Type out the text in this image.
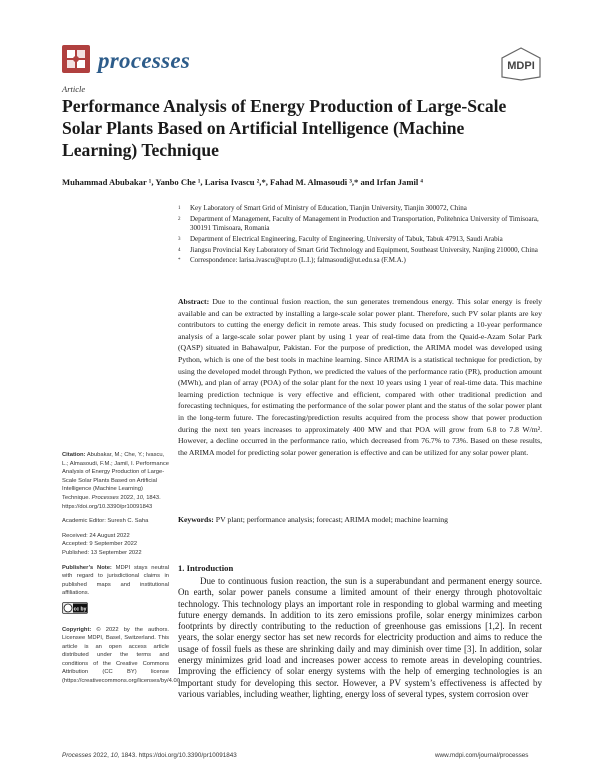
processes	MDPI
Article
Performance Analysis of Energy Production of Large-Scale Solar Plants Based on Artificial Intelligence (Machine Learning) Technique
Muhammad Abubakar ¹, Yanbo Che ¹, Larisa Ivascu ²,*, Fahad M. Almasoudi ³,* and Irfan Jamil ⁴
1 Key Laboratory of Smart Grid of Ministry of Education, Tianjin University, Tianjin 300072, China
2 Department of Management, Faculty of Management in Production and Transportation, Politehnica University of Timisoara, 300191 Timisoara, Romania
3 Department of Electrical Engineering, Faculty of Engineering, University of Tabuk, Tabuk 47913, Saudi Arabia
4 Jiangsu Provincial Key Laboratory of Smart Grid Technology and Equipment, Southeast University, Nanjing 210000, China
* Correspondence: larisa.ivascu@upt.ro (L.I.); falmasoudi@ut.edu.sa (F.M.A.)
Abstract: Due to the continual fusion reaction, the sun generates tremendous energy. This solar energy is freely available and can be extracted by installing a large-scale solar power plant. Therefore, such PV solar plants are key contributors to cutting the energy deficit in remote areas. This study focused on predicting a 10-year performance analysis of a large-scale solar power plant by using 1 year of real-time data from the Quaid-e-Azam Solar Park (QASP) situated in Bahawalpur, Pakistan. For the purpose of prediction, the ARIMA model was developed using Python, which is one of the best tools in machine learning. Since ARIMA is a statistical technique for prediction, by using the developed model through Python, we predicted the values of the performance ratio (PR), production amount (MWh), and plan of array (POA) of the solar plant for the next 10 years using 1 year of real-time data. This machine learning prediction technique is very effective and efficient, compared with other traditional prediction and forecasting techniques, for estimating the performance of the solar power plant and the status of the solar power plant in the long-term future. The forecasting/prediction results acquired from the process show that power production during the next ten years increases to approximately 400 MW and that POA will grow from 6.8 to 7.8 W/m². However, a decline occurred in the performance ratio, which decreased from 76.7% to 73%. Based on these results, the ARIMA model for predicting solar power generation is effective and can be utilized for any solar power plant.
Keywords: PV plant; performance analysis; forecast; ARIMA model; machine learning

Citation: Abubakar, M.; Che, Y.; Ivascu, L.; Almasoudi, F.M.; Jamil, I. Performance Analysis of Energy Production of Large-Scale Solar Plants Based on Artificial Intelligence (Machine Learning) Technique. Processes 2022, 10, 1843. https://doi.org/10.3390/pr10091843

Academic Editor: Suresh C. Saha

Received: 24 August 2022

Accepted: 9 September 2022

Published: 13 September 2022

Publisher’s Note: MDPI stays neutral with regard to jurisdictional claims in published maps and institutional affiliations.

cc by

Copyright: © 2022 by the authors. Licensee MDPI, Basel, Switzerland. This article is an open access article distributed under the terms and conditions of the Creative Commons Attribution (CC BY) license (https://creativecommons.org/licenses/by/4.0/).

1. Introduction
Due to continuous fusion reaction, the sun is a superabundant and permanent energy source. On earth, solar power panels consume a limited amount of their energy through photovoltaic technology. This technology plays an important role in responding to global warming and meeting future energy demands. In addition to its zero emissions profile, solar energy minimizes carbon footprints by directly contributing to the reduction of greenhouse gas emissions [1,2]. In recent years, the solar energy sector has set new records for electricity production and aims to reduce the usage of fossil fuels as these are shrinking daily and may diminish over time [3]. In addition, solar energy minimizes grid load and increases power access to remote areas in developing countries. Improving the efficiency of solar energy systems with the help of emerging technologies is an important study for developing this sector. However, a PV system’s effectiveness is affected by various variables, including weather, lighting, energy loss of several types, system corrosion over
Processes 2022, 10, 1843. https://doi.org/10.3390/pr10091843	www.mdpi.com/journal/processes
